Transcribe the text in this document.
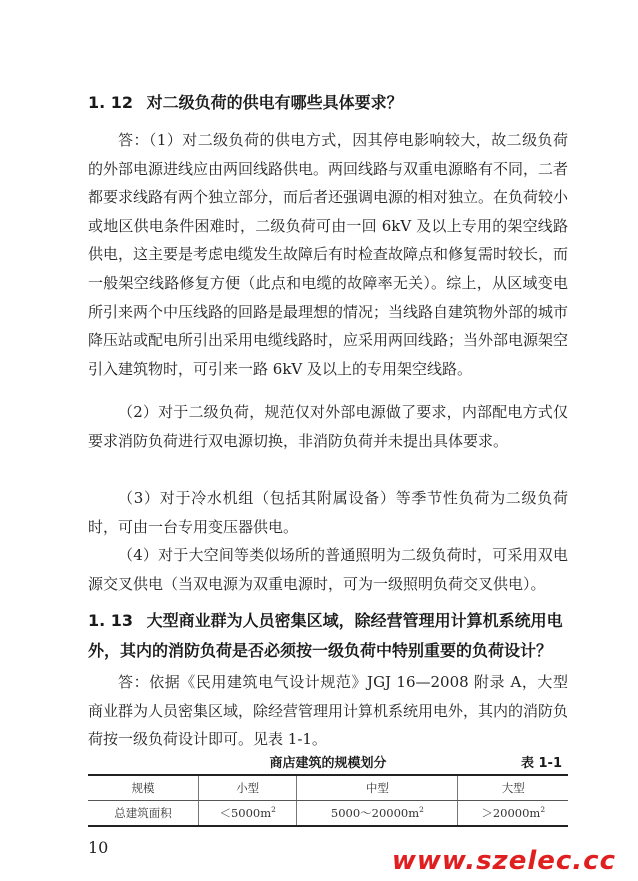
1. 12 对二级负荷的供电有哪些具体要求？

答：（1）对二级负荷的供电方式，因其停电影响较大，故二级负荷的外部电源进线应由两回线路供电。两回线路与双重电源略有不同，二者都要求线路有两个独立部分，而后者还强调电源的相对独立。在负荷较小或地区供电条件困难时，二级负荷可由一回 6kV 及以上专用的架空线路供电，这主要是考虑电缆发生故障后有时检查故障点和修复需时较长，而一般架空线路修复方便（此点和电缆的故障率无关）。综上，从区域变电所引来两个中压线路的回路是最理想的情况；当线路自建筑物外部的城市降压站或配电所引出采用电缆线路时，应采用两回线路；当外部电源架空引入建筑物时，可引来一路 6kV 及以上的专用架空线路。

（2）对于二级负荷，规范仅对外部电源做了要求，内部配电方式仅要求消防负荷进行双电源切换，非消防负荷并未提出具体要求。

（3）对于冷水机组（包括其附属设备）等季节性负荷为二级负荷时，可由一台专用变压器供电。

（4）对于大空间等类似场所的普通照明为二级负荷时，可采用双电源交叉供电（当双电源为双重电源时，可为一级照明负荷交叉供电）。

1. 13 大型商业群为人员密集区域，除经营管理用计算机系统用电外，其内的消防负荷是否必须按一级负荷中特别重要的负荷设计？

答：依据《民用建筑电气设计规范》JGJ 16—2008 附录 A，大型商业群为人员密集区域，除经营管理用计算机系统用电外，其内的消防负荷按一级负荷设计即可。见表 1-1。

商店建筑的规模划分	表 1-1
规模	小型	中型	大型
总建筑面积	$<5000m^2$	$5000\sim 20000m^2$	$>20000m^2$
10	www.szelec.cc
